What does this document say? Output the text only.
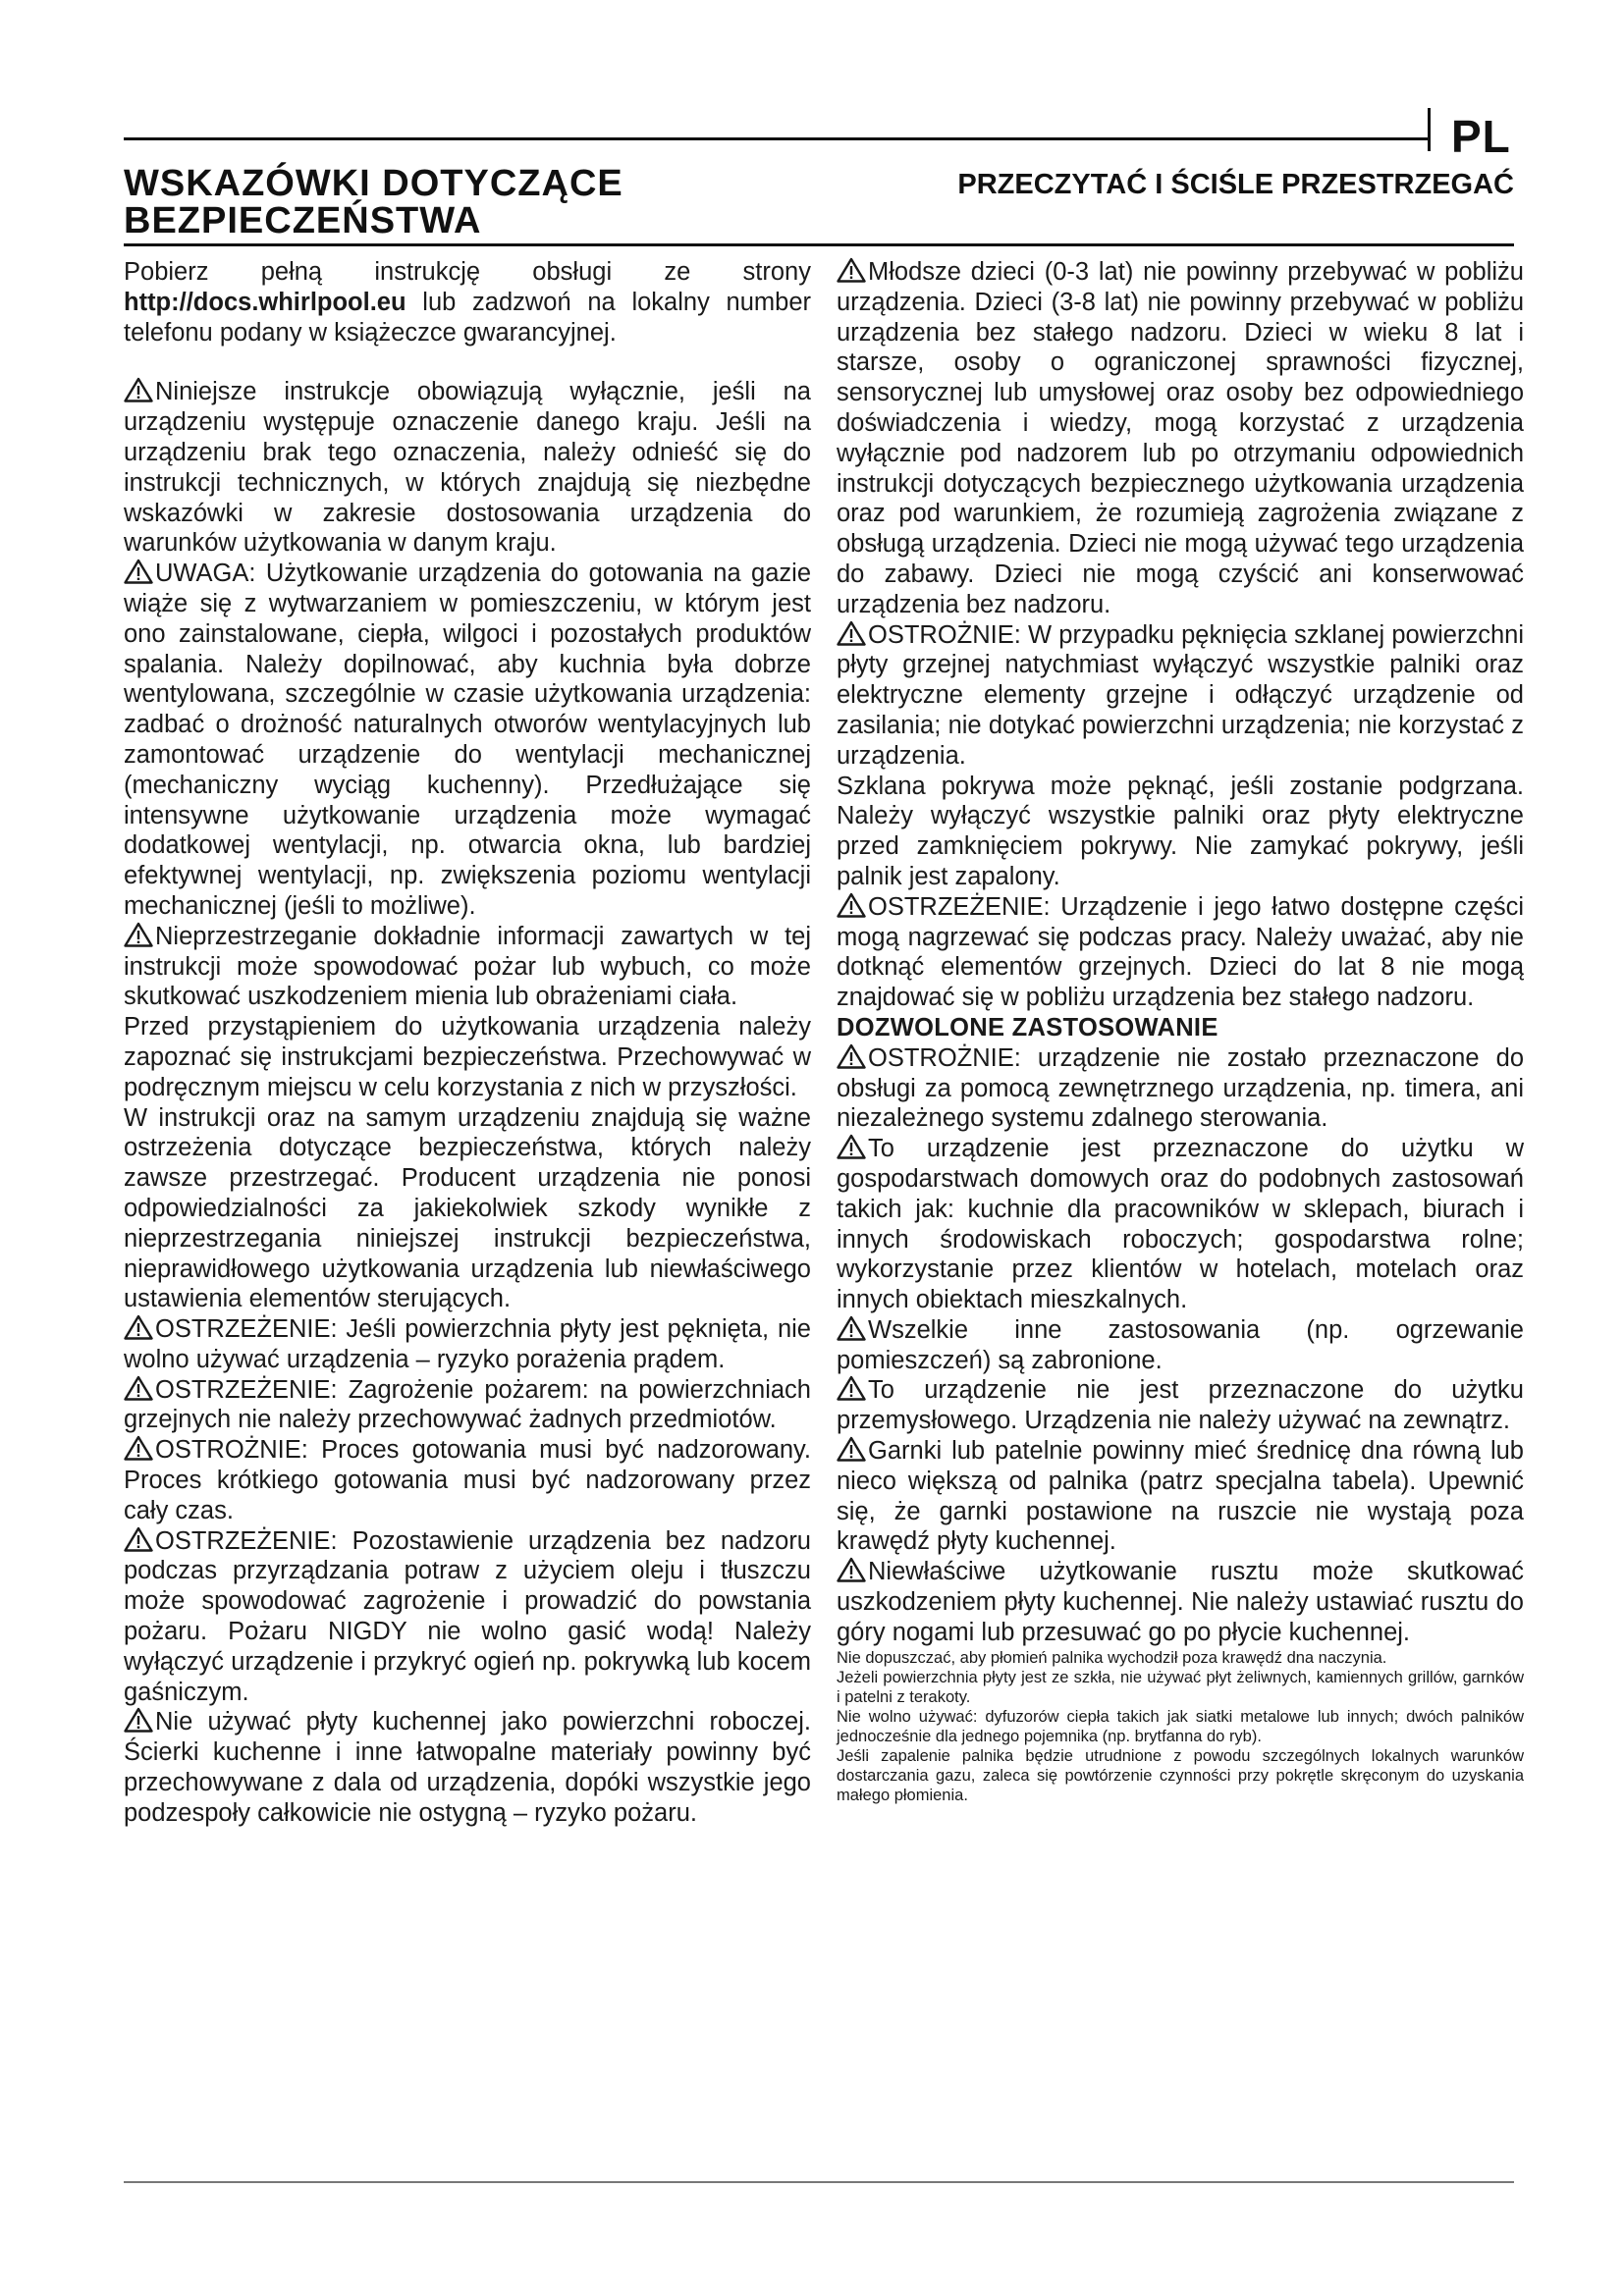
PL
WSKAZÓWKI DOTYCZĄCE BEZPIECZEŃSTWA
PRZECZYTAĆ I ŚCIŚLE PRZESTRZEGAĆ

Pobierz pełną instrukcję obsługi ze strony http://docs.whirlpool.eu lub zadzwoń na lokalny number telefonu podany w książeczce gwarancyjnej.

Niniejsze instrukcje obowiązują wyłącznie, jeśli na urządzeniu występuje oznaczenie danego kraju. Jeśli na urządzeniu brak tego oznaczenia, należy odnieść się do instrukcji technicznych, w których znajdują się niezbędne wskazówki w zakresie dostosowania urządzenia do warunków użytkowania w danym kraju.

UWAGA: Użytkowanie urządzenia do gotowania na gazie wiąże się z wytwarzaniem w pomieszczeniu, w którym jest ono zainstalowane, ciepła, wilgoci i pozostałych produktów spalania. Należy dopilnować, aby kuchnia była dobrze wentylowana, szczególnie w czasie użytkowania urządzenia: zadbać o drożność naturalnych otworów wentylacyjnych lub zamontować urządzenie do wentylacji mechanicznej (mechaniczny wyciąg kuchenny). Przedłużające się intensywne użytkowanie urządzenia może wymagać dodatkowej wentylacji, np. otwarcia okna, lub bardziej efektywnej wentylacji, np. zwiększenia poziomu wentylacji mechanicznej (jeśli to możliwe).

Nieprzestrzeganie dokładnie informacji zawartych w tej instrukcji może spowodować pożar lub wybuch, co może skutkować uszkodzeniem mienia lub obrażeniami ciała.

Przed przystąpieniem do użytkowania urządzenia należy zapoznać się instrukcjami bezpieczeństwa. Przechowywać w podręcznym miejscu w celu korzystania z nich w przyszłości.

W instrukcji oraz na samym urządzeniu znajdują się ważne ostrzeżenia dotyczące bezpieczeństwa, których należy zawsze przestrzegać. Producent urządzenia nie ponosi odpowiedzialności za jakiekolwiek szkody wynikłe z nieprzestrzegania niniejszej instrukcji bezpieczeństwa, nieprawidłowego użytkowania urządzenia lub niewłaściwego ustawienia elementów sterujących.

OSTRZEŻENIE: Jeśli powierzchnia płyty jest pęknięta, nie wolno używać urządzenia – ryzyko porażenia prądem.

OSTRZEŻENIE: Zagrożenie pożarem: na powierzchniach grzejnych nie należy przechowywać żadnych przedmiotów.

OSTROŻNIE: Proces gotowania musi być nadzorowany. Proces krótkiego gotowania musi być nadzorowany przez cały czas.

OSTRZEŻENIE: Pozostawienie urządzenia bez nadzoru podczas przyrządzania potraw z użyciem oleju i tłuszczu może spowodować zagrożenie i prowadzić do powstania pożaru. Pożaru NIGDY nie wolno gasić wodą! Należy wyłączyć urządzenie i przykryć ogień np. pokrywką lub kocem gaśniczym.

Nie używać płyty kuchennej jako powierzchni roboczej. Ścierki kuchenne i inne łatwopalne materiały powinny być przechowywane z dala od urządzenia, dopóki wszystkie jego podzespoły całkowicie nie ostygną – ryzyko pożaru.

Młodsze dzieci (0-3 lat) nie powinny przebywać w pobliżu urządzenia. Dzieci (3-8 lat) nie powinny przebywać w pobliżu urządzenia bez stałego nadzoru. Dzieci w wieku 8 lat i starsze, osoby o ograniczonej sprawności fizycznej, sensorycznej lub umysłowej oraz osoby bez odpowiedniego doświadczenia i wiedzy, mogą korzystać z urządzenia wyłącznie pod nadzorem lub po otrzymaniu odpowiednich instrukcji dotyczących bezpiecznego użytkowania urządzenia oraz pod warunkiem, że rozumieją zagrożenia związane z obsługą urządzenia. Dzieci nie mogą używać tego urządzenia do zabawy. Dzieci nie mogą czyścić ani konserwować urządzenia bez nadzoru.

OSTROŻNIE: W przypadku pęknięcia szklanej powierzchni płyty grzejnej natychmiast wyłączyć wszystkie palniki oraz elektryczne elementy grzejne i odłączyć urządzenie od zasilania; nie dotykać powierzchni urządzenia; nie korzystać z urządzenia.

Szklana pokrywa może pęknąć, jeśli zostanie podgrzana. Należy wyłączyć wszystkie palniki oraz płyty elektryczne przed zamknięciem pokrywy. Nie zamykać pokrywy, jeśli palnik jest zapalony.

OSTRZEŻENIE: Urządzenie i jego łatwo dostępne części mogą nagrzewać się podczas pracy. Należy uważać, aby nie dotknąć elementów grzejnych. Dzieci do lat 8 nie mogą znajdować się w pobliżu urządzenia bez stałego nadzoru.

DOZWOLONE ZASTOSOWANIE

OSTROŻNIE: urządzenie nie zostało przeznaczone do obsługi za pomocą zewnętrznego urządzenia, np. timera, ani niezależnego systemu zdalnego sterowania.

To urządzenie jest przeznaczone do użytku w gospodarstwach domowych oraz do podobnych zastosowań takich jak: kuchnie dla pracowników w sklepach, biurach i innych środowiskach roboczych; gospodarstwa rolne; wykorzystanie przez klientów w hotelach, motelach oraz innych obiektach mieszkalnych.

Wszelkie inne zastosowania (np. ogrzewanie pomieszczeń) są zabronione.

To urządzenie nie jest przeznaczone do użytku przemysłowego. Urządzenia nie należy używać na zewnątrz.

Garnki lub patelnie powinny mieć średnicę dna równą lub nieco większą od palnika (patrz specjalna tabela). Upewnić się, że garnki postawione na ruszcie nie wystają poza krawędź płyty kuchennej.

Niewłaściwe użytkowanie rusztu może skutkować uszkodzeniem płyty kuchennej. Nie należy ustawiać rusztu do góry nogami lub przesuwać go po płycie kuchennej.

Nie dopuszczać, aby płomień palnika wychodził poza krawędź dna naczynia.

Jeżeli powierzchnia płyty jest ze szkła, nie używać płyt żeliwnych, kamiennych grillów, garnków i patelni z terakoty.

Nie wolno używać: dyfuzorów ciepła takich jak siatki metalowe lub innych; dwóch palników jednocześnie dla jednego pojemnika (np. brytfanna do ryb).

Jeśli zapalenie palnika będzie utrudnione z powodu szczególnych lokalnych warunków dostarczania gazu, zaleca się powtórzenie czynności przy pokrętle skręconym do uzyskania małego płomienia.
